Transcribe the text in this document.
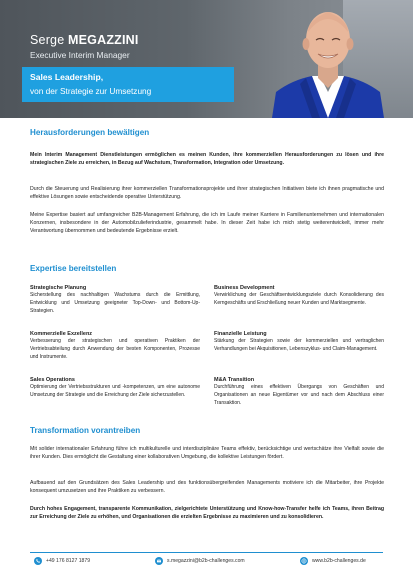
Serge MEGAZZINI
Executive Interim Manager
Sales Leadership,
von der Strategie zur Umsetzung
Herausforderungen bewältigen

Mein Interim Management Dienstleistungen ermöglichen es meinen Kunden, ihre kommerziellen Herausforderungen zu lösen und ihre strategischen Ziele zu erreichen, in Bezug auf Wachstum, Transformation, Integration oder Umsetzung.

Durch die Steuerung und Realisierung ihrer kommerziellen Transformationsprojekte und ihrer strategischen Initiativen biete ich ihnen pragmatische und effektive Lösungen sowie entscheidende operative Unterstützung.

Meine Expertise basiert auf umfangreicher B2B-Management Erfahrung, die ich im Laufe meiner Karriere in Familienunternehmen und internationalen Konzernen, insbesondere in der Automobilzulieferindustrie, gesammelt habe. In dieser Zeit habe ich mich stetig weiterentwickelt, immer mehr Verantwortung übernommen und bedeutende Ergebnisse erzielt.

Expertise bereitstellen
Strategische Planung

Sicherstellung des nachhaltigen Wachstums durch die Ermittlung, Entwicklung und Umsetzung geeigneter Top-Down- und Bottom-Up- Strategien.

Business Development

Verwirklichung der Geschäftsentwicklungsziele durch Konsolidierung des Kerngeschäfts und Erschließung neuer Kunden und Marktsegmente.

Kommerzielle Exzellenz

Verbesserung der strategischen und operativen Praktiken der Vertriebsabteilung durch Anwendung der besten Komponenten, Prozesse und Instrumente.

Finanzielle Leistung

Stärkung der Strategien sowie der kommerziellen und vertraglichen Verhandlungen bei Akquisitionen, Lebenszyklus- und Claim-Management.

Sales Operations

Optimierung der Vertriebsstrukturen und -kompetenzen, um eine autonome Umsetzung der Strategie und die Erreichung der Ziele sicherzustellen.

M&A Transition

Durchführung eines effektiven Übergangs von Geschäften und Organisationen an neue Eigentümer vor und nach dem Abschluss einer Transaktion.

Transformation vorantreiben

Mit solider internationaler Erfahrung führe ich multikulturelle und interdisziplinäre Teams effektiv, berücksichtige und wertschätze ihre Vielfalt sowie die ihrer Kunden. Dies ermöglicht die Gestaltung einer kollaborativen Umgebung, die kollektive Leistungen fördert.

Aufbauend auf den Grundsätzen des Sales Leadership und des funktionsübergreifenden Managements motiviere ich die Mitarbeiter, ihre Projekte konsequent umzusetzen und ihre Praktiken zu verbessern.

Durch hohes Engagement, transparente Kommunikation, zielgerichtete Unterstützung und Know-how-Transfer helfe ich Teams, ihren Beitrag zur Erreichung der Ziele zu erhöhen, und Organisationen die erzielten Ergebnisse zu maximieren und zu konsolidieren.

+49 176 8127 1879	s.megazzini@b2b-challenges.com	www.b2b-challenges.de
